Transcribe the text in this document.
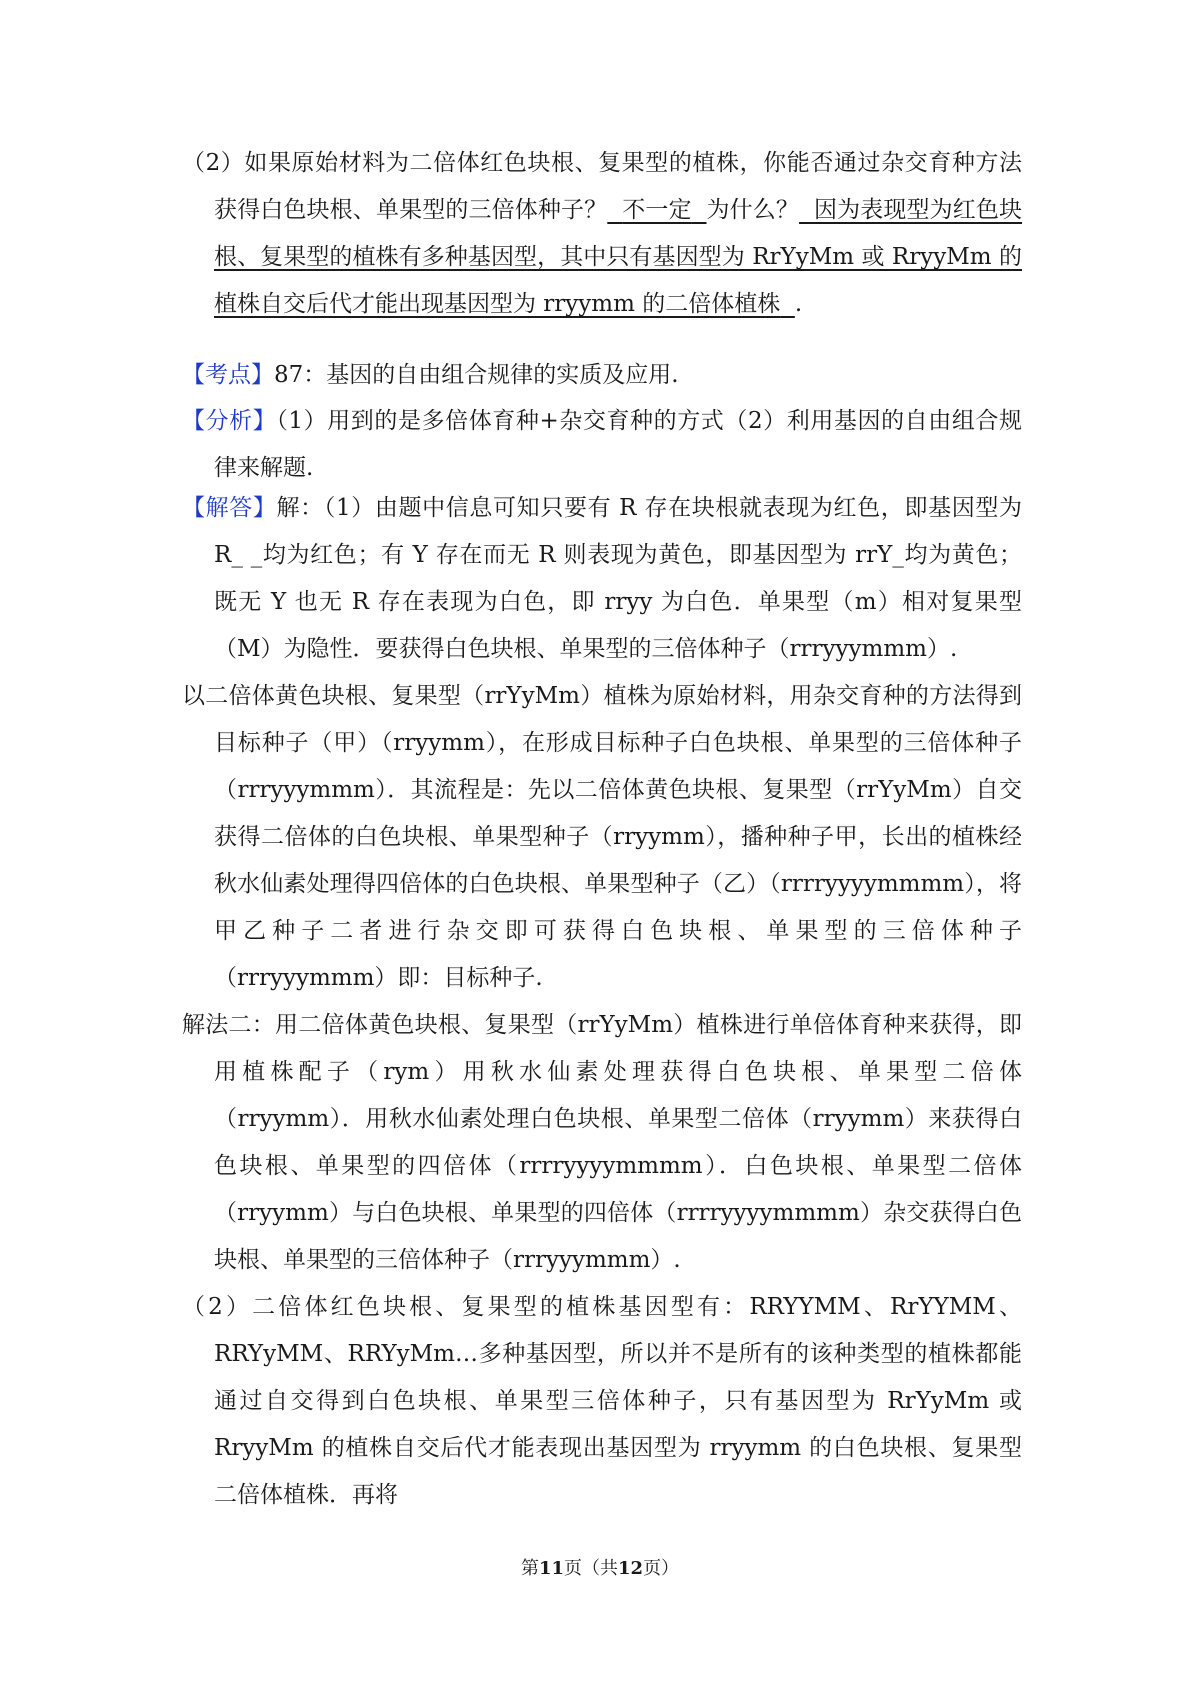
（2）如果原始材料为二倍体红色块根、复果型的植株，你能否通过杂交育种方法获得白色块根、单果型的三倍体种子？ 不一定 为什么？ 因为表现型为红色块根、复果型的植株有多种基因型，其中只有基因型为 RrYyMm 或 RryyMm 的植株自交后代才能出现基因型为 rryymm 的二倍体植株 .

【考点】87：基因的自由组合规律的实质及应用.

【分析】（1）用到的是多倍体育种+杂交育种的方式（2）利用基因的自由组合规律来解题.

【解答】解：（1）由题中信息可知只要有 R 存在块根就表现为红色，即基因型为 R_ _均为红色；有 Y 存在而无 R 则表现为黄色，即基因型为 rrY_均为黄色；既无 Y 也无 R 存在表现为白色，即 rryy 为白色．单果型（m）相对复果型（M）为隐性．要获得白色块根、单果型的三倍体种子（rrryyymmm）.

以二倍体黄色块根、复果型（rrYyMm）植株为原始材料，用杂交育种的方法得到目标种子（甲）（rryymm），在形成目标种子白色块根、单果型的三倍体种子（rrryyymmm）．其流程是：先以二倍体黄色块根、复果型（rrYyMm）自交获得二倍体的白色块根、单果型种子（rryymm），播种种子甲，长出的植株经秋水仙素处理得四倍体的白色块根、单果型种子（乙）（rrrryyyymmmm），将甲乙种子二者进行杂交即可获得白色块根、单果型的三倍体种子（rrryyymmm）即：目标种子.

解法二：用二倍体黄色块根、复果型（rrYyMm）植株进行单倍体育种来获得，即用植株配子（rym）用秋水仙素处理获得白色块根、单果型二倍体（rryymm）．用秋水仙素处理白色块根、单果型二倍体（rryymm）来获得白色块根、单果型的四倍体（rrrryyyymmmm）．白色块根、单果型二倍体（rryymm）与白色块根、单果型的四倍体（rrrryyyymmmm）杂交获得白色块根、单果型的三倍体种子（rrryyymmm）.

（2）二倍体红色块根、复果型的植株基因型有：RRYYMM、RrYYMM、RRYyMM、RRYyMm…多种基因型，所以并不是所有的该种类型的植株都能通过自交得到白色块根、单果型三倍体种子，只有基因型为 RrYyMm 或 RryyMm 的植株自交后代才能表现出基因型为 rryymm 的白色块根、复果型二倍体植株．再将

第11页（共12页）
